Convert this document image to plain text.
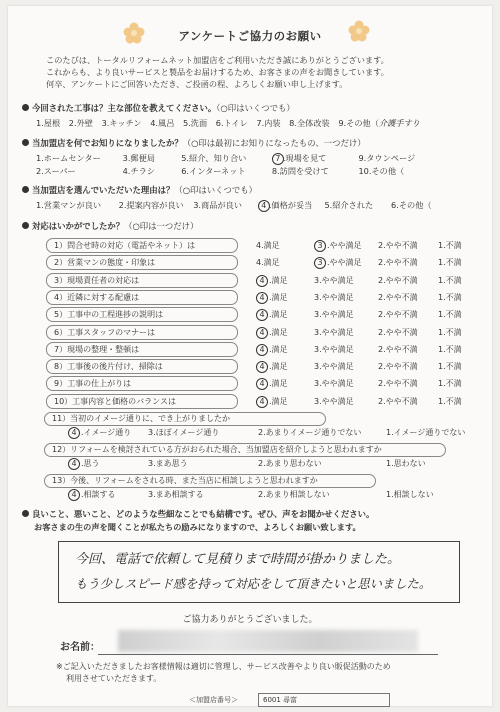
アンケートご協力のお願い
このたびは、トータルリフォームネット加盟店をご利用いただき誠にありがとうございます。
これからも、より良いサービスと製品をお届けするため、お客さまの声をお聞きしています。
何卒、アンケートにご回答いただき、ご投函の程、よろしくお願い申し上げます。
今回された工事は？主な部位を教えてください。（○印はいくつでも）
1.屋根 2.外壁 3.キッチン 4.風呂 5.洗面 6.トイレ 7.内装 8.全体改装 9.その他（介護手すり
当加盟店を何でお知りになりましたか？（○印は最初にお知りになったもの、一つだけ）
1.ホームセンター	3.郵便局	5.紹介、知り合い	7 .現場を見て	9.タウンページ
2.スーパー	4.チラシ	6.インターネット	8.訪問を受けて	10.その他（
当加盟店を選んでいただいた理由は？（○印はいくつでも）
1.営業マンが良い 2.提案内容が良い 3.商品が良い 4 .価格が妥当 5.紹介された 6.その他（
対応はいかがでしたか？（○印は一つだけ）
1）問合せ時の対応（電話やネット）は	4.満足	3 .やや満足 2.やや不満	1.不満
2）営業マンの態度・印象は	4.満足	3 .やや満足 2.やや不満	1.不満
3）現場責任者の対応は	4 .満足	3.やや満足	2.やや不満	1.不満
4）近隣に対する配慮は	4 .満足	3.やや満足	2.やや不満	1.不満
5）工事中の工程進捗の説明は	4 .満足	3.やや満足	2.やや不満	1.不満
6）工事スタッフのマナーは	4 .満足	3.やや満足	2.やや不満	1.不満
7）現場の整理・整頓は	4 .満足	3.やや満足	2.やや不満	1.不満
8）工事後の後片付け、掃除は	4 .満足	3.やや満足	2.やや不満	1.不満
9）工事の仕上がりは	4 .満足	3.やや満足	2.やや不満	1.不満
10）工事内容と価格のバランスは	4 .満足	3.やや満足	2.やや不満	1.不満
11）当初のイメージ通りに、でき上がりましたか
4 .イメージ通り	3.ほぼイメージ通り	2.あまりイメージ通りでない	1.イメージ通りでない
12）リフォームを検討されている方がおられた場合、当加盟店を紹介しようと思われますか
4 .思う	3.まあ思う	2.あまり思わない	1.思わない
13）今後、リフォームをされる時、また当店に相談しようと思われますか
4 .相談する	3.まあ相談する	2.あまり相談しない	1.相談しない
良いこと、悪いこと、どのような些細なことでも結構です。ぜひ、声をお聞かせください。
お客さまの生の声を聞くことが私たちの励みになりますので、よろしくお願い致します。
今回、電話で依頼して見積りまで時間が掛かりました。
もう少しスピード感を持って対応をして頂きたいと思いました。
ご協力ありがとうございました。
お名前：
※ご記入いただきましたお客様情報は適切に管理し、サービス改善やより良い販促活動のため
利用させていただきます。
＜加盟店番号＞	6001 尋富
